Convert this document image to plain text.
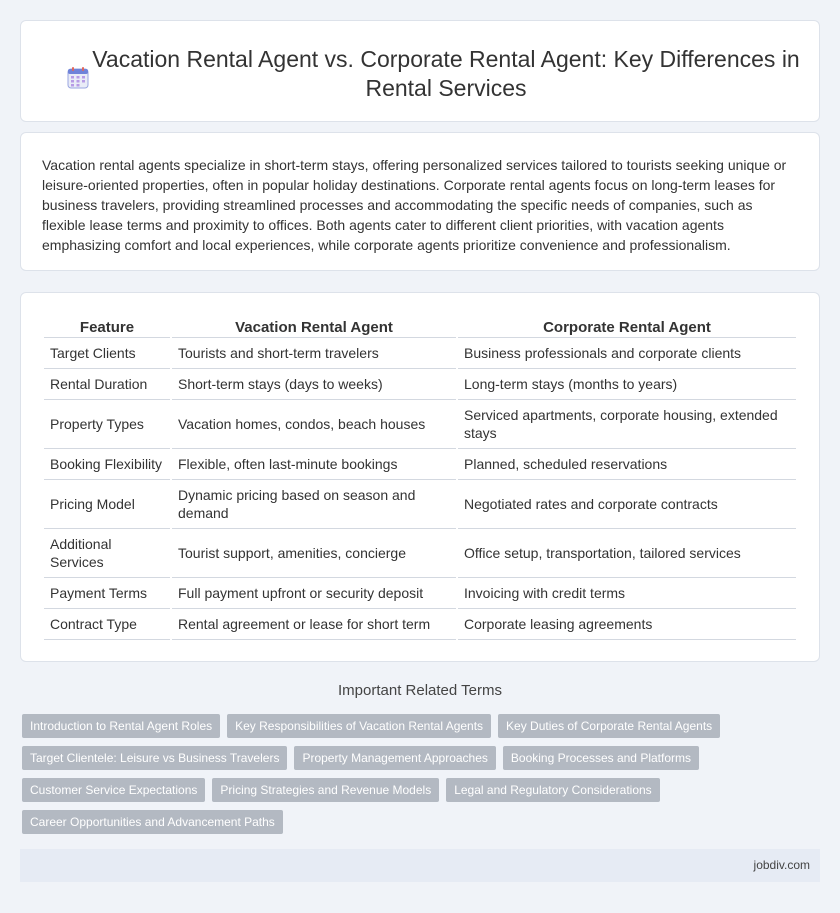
Vacation Rental Agent vs. Corporate Rental Agent: Key Differences in Rental Services

Vacation rental agents specialize in short-term stays, offering personalized services tailored to tourists seeking unique or leisure-oriented properties, often in popular holiday destinations. Corporate rental agents focus on long-term leases for business travelers, providing streamlined processes and accommodating the specific needs of companies, such as flexible lease terms and proximity to offices. Both agents cater to different client priorities, with vacation agents emphasizing comfort and local experiences, while corporate agents prioritize convenience and professionalism.

Feature	Vacation Rental Agent	Corporate Rental Agent
Target Clients	Tourists and short-term travelers	Business professionals and corporate clients
Rental Duration	Short-term stays (days to weeks)	Long-term stays (months to years)
Property Types	Vacation homes, condos, beach houses	Serviced apartments, corporate housing, extended stays
Booking Flexibility	Flexible, often last-minute bookings	Planned, scheduled reservations
Pricing Model	Dynamic pricing based on season and demand	Negotiated rates and corporate contracts
Additional Services	Tourist support, amenities, concierge	Office setup, transportation, tailored services
Payment Terms	Full payment upfront or security deposit	Invoicing with credit terms
Contract Type	Rental agreement or lease for short term	Corporate leasing agreements
Important Related Terms
Introduction to Rental Agent Roles	Key Responsibilities of Vacation Rental Agents	Key Duties of Corporate Rental Agents
Target Clientele: Leisure vs Business Travelers	Property Management Approaches	Booking Processes and Platforms
Customer Service Expectations	Pricing Strategies and Revenue Models	Legal and Regulatory Considerations
Career Opportunities and Advancement Paths
jobdiv.com
